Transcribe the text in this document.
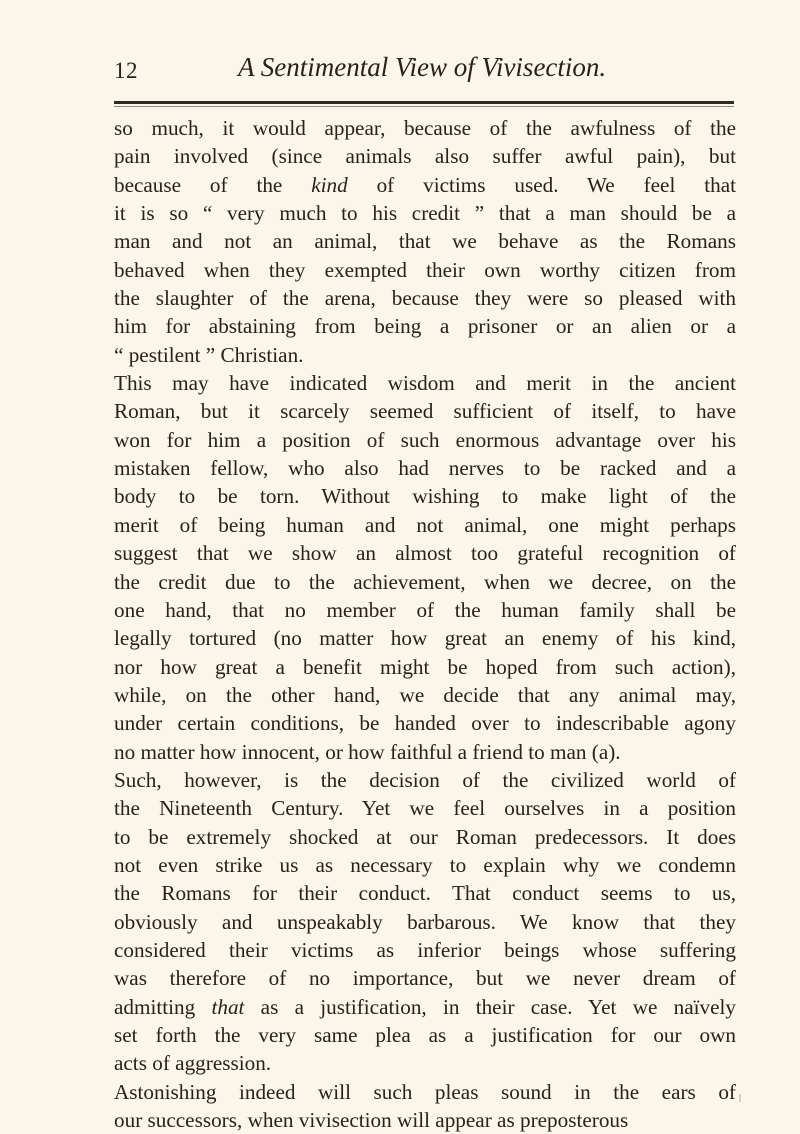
12	A Sentimental View of Vivisection.
so much, it would appear, because of the awfulness of the
pain involved (since animals also suffer awful pain), but
because of the kind of victims used. We feel that
it is so “ very much to his credit ” that a man should be a
man and not an animal, that we behave as the Romans
behaved when they exempted their own worthy citizen from
the slaughter of the arena, because they were so pleased with
him for abstaining from being a prisoner or an alien or a
“ pestilent ” Christian.
This may have indicated wisdom and merit in the ancient
Roman, but it scarcely seemed sufficient of itself, to have
won for him a position of such enormous advantage over his
mistaken fellow, who also had nerves to be racked and a
body to be torn. Without wishing to make light of the
merit of being human and not animal, one might perhaps
suggest that we show an almost too grateful recognition of
the credit due to the achievement, when we decree, on the
one hand, that no member of the human family shall be
legally tortured (no matter how great an enemy of his kind,
nor how great a benefit might be hoped from such action),
while, on the other hand, we decide that any animal may,
under certain conditions, be handed over to indescribable agony
no matter how innocent, or how faithful a friend to man (a).
Such, however, is the decision of the civilized world of
the Nineteenth Century. Yet we feel ourselves in a position
to be extremely shocked at our Roman predecessors. It does
not even strike us as necessary to explain why we condemn
the Romans for their conduct. That conduct seems to us,
obviously and unspeakably barbarous. We know that they
considered their victims as inferior beings whose suffering
was therefore of no importance, but we never dream of
admitting that as a justification, in their case. Yet we naïvely
set forth the very same plea as a justification for our own
acts of aggression.
Astonishing indeed will such pleas sound in the ears of
our successors, when vivisection will appear as preposterous
